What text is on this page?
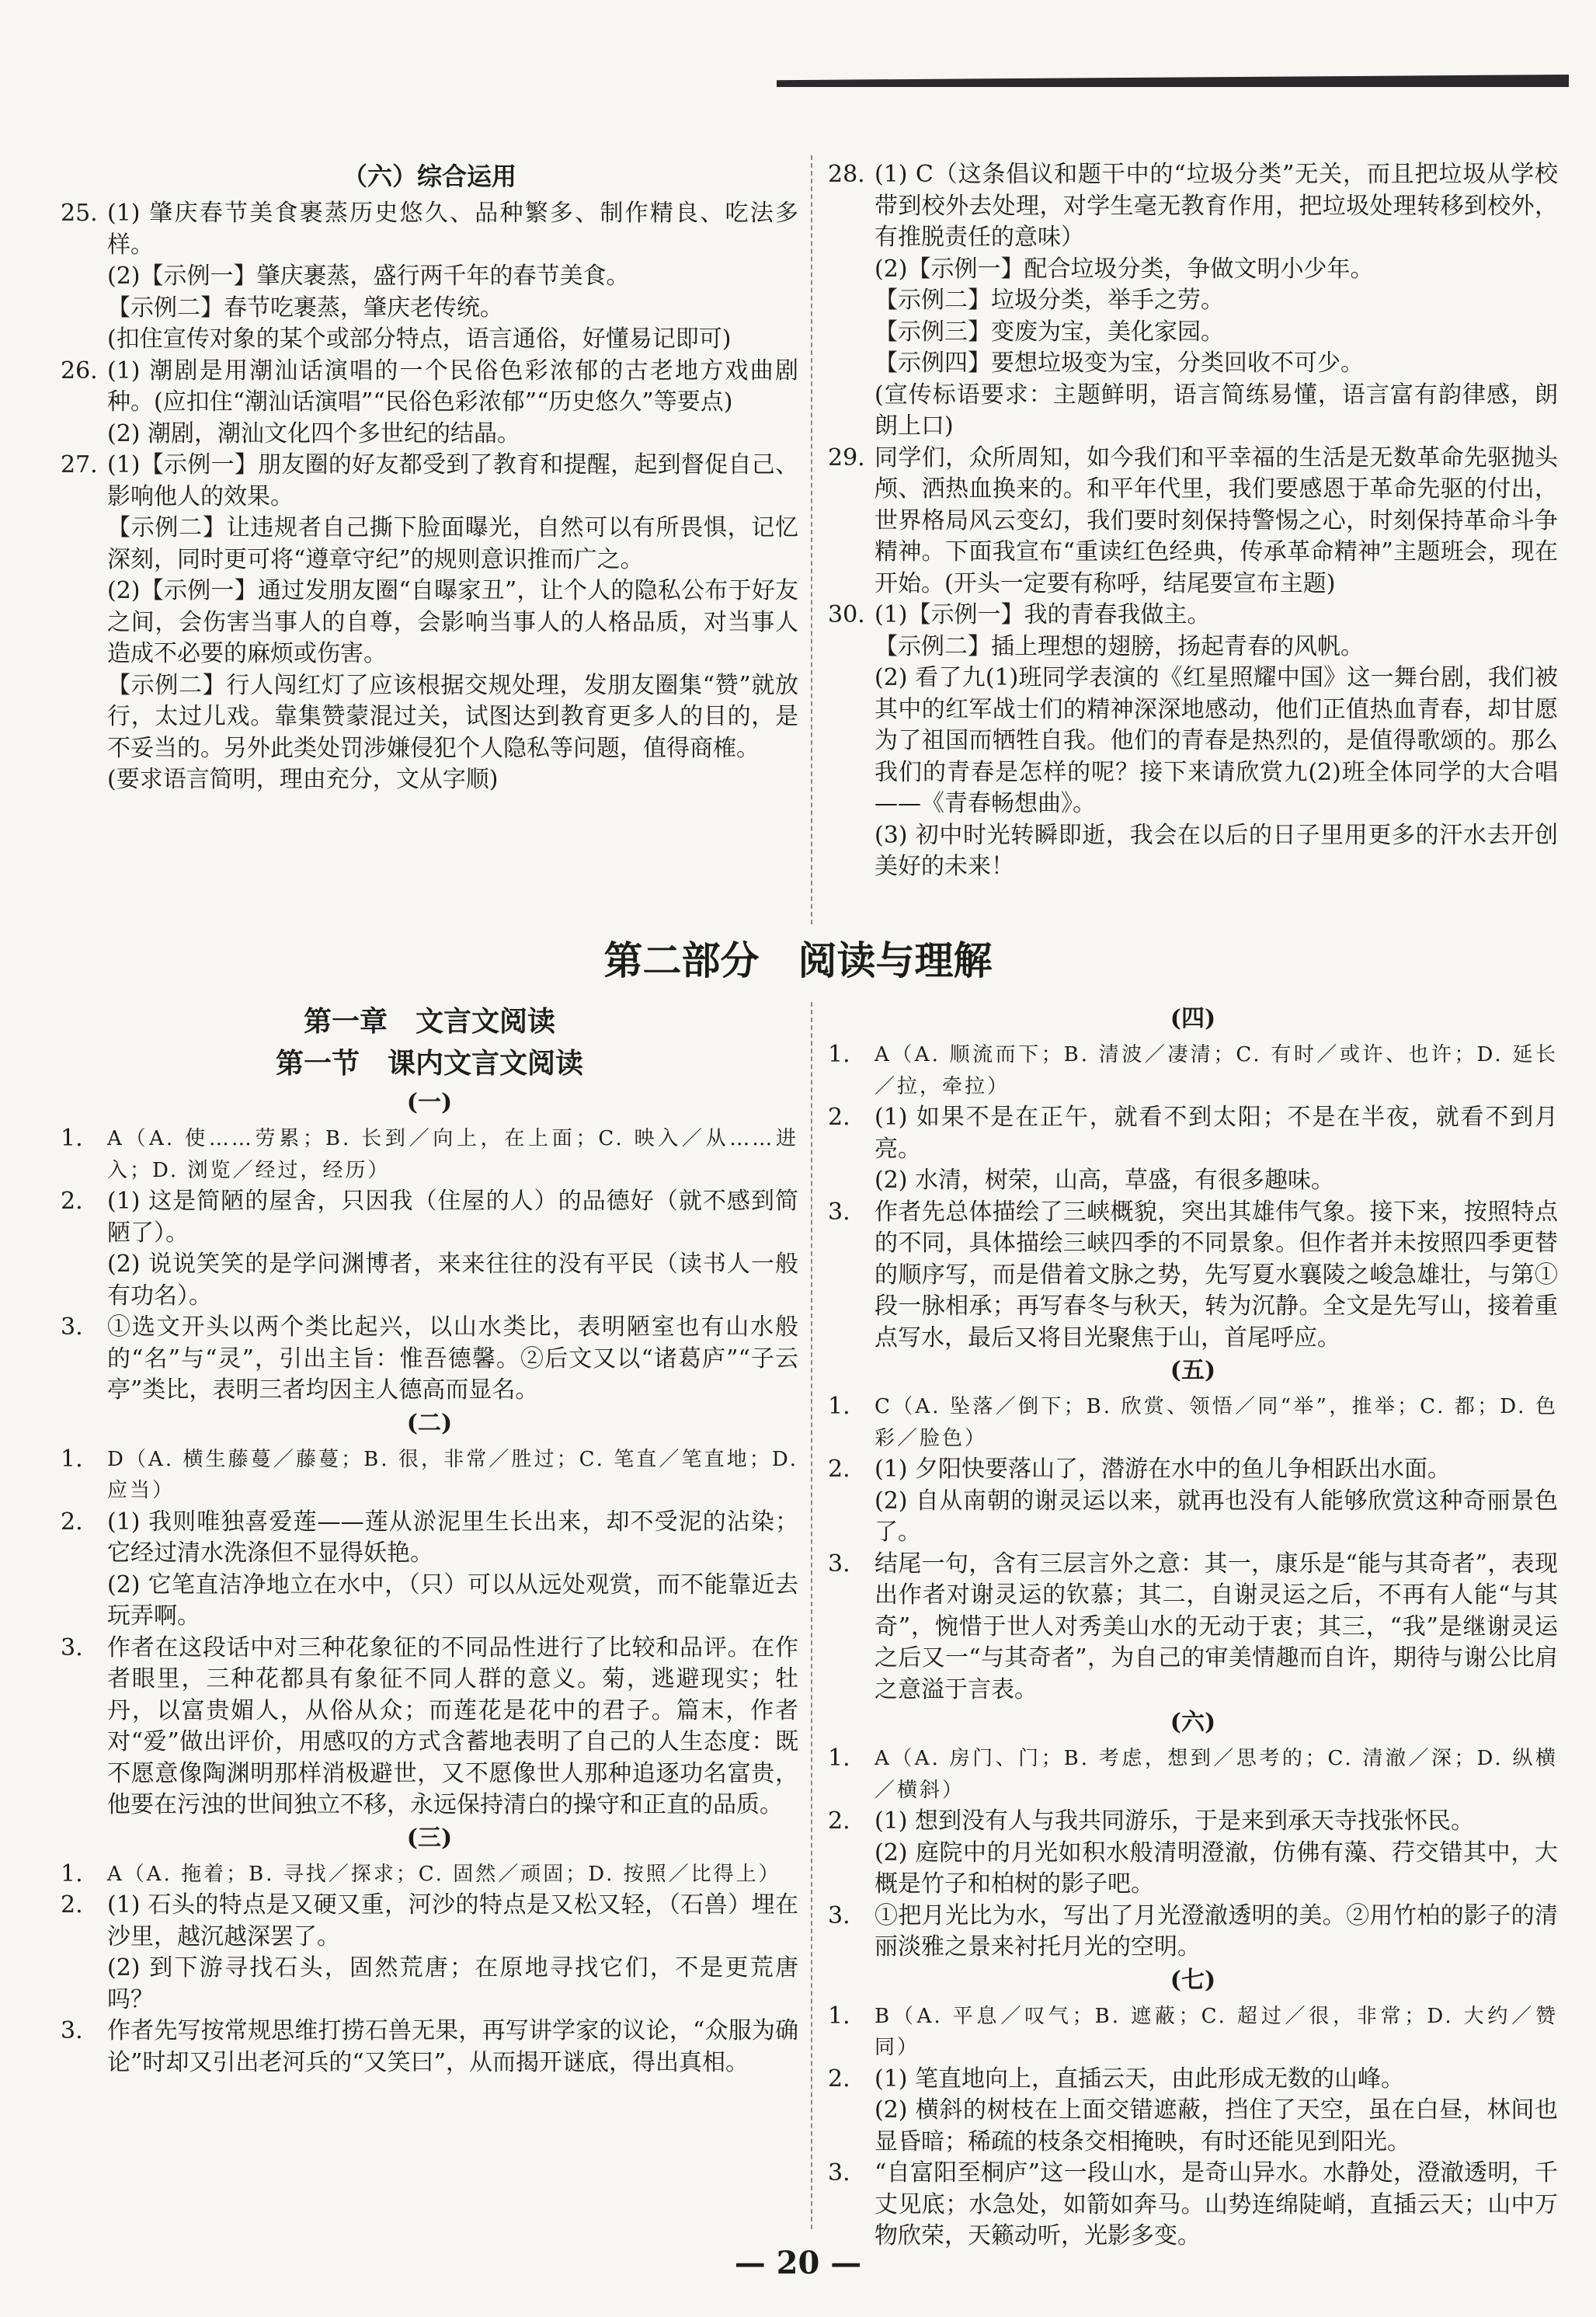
（六）综合运用
25. (1) 肇庆春节美食裹蒸历史悠久、品种繁多、制作精良、吃法多样。
(2)【示例一】肇庆裹蒸，盛行两千年的春节美食。
【示例二】春节吃裹蒸，肇庆老传统。
(扣住宣传对象的某个或部分特点，语言通俗，好懂易记即可)
26. (1) 潮剧是用潮汕话演唱的一个民俗色彩浓郁的古老地方戏曲剧种。(应扣住“潮汕话演唱”“民俗色彩浓郁”“历史悠久”等要点)
(2) 潮剧，潮汕文化四个多世纪的结晶。
27. (1)【示例一】朋友圈的好友都受到了教育和提醒，起到督促自己、影响他人的效果。
【示例二】让违规者自己撕下脸面曝光，自然可以有所畏惧，记忆深刻，同时更可将“遵章守纪”的规则意识推而广之。
(2)【示例一】通过发朋友圈“自曝家丑”，让个人的隐私公布于好友之间，会伤害当事人的自尊，会影响当事人的人格品质，对当事人造成不必要的麻烦或伤害。
【示例二】行人闯红灯了应该根据交规处理，发朋友圈集“赞”就放行，太过儿戏。靠集赞蒙混过关，试图达到教育更多人的目的，是不妥当的。另外此类处罚涉嫌侵犯个人隐私等问题，值得商榷。
(要求语言简明，理由充分，文从字顺)
28. (1) C（这条倡议和题干中的“垃圾分类”无关，而且把垃圾从学校带到校外去处理，对学生毫无教育作用，把垃圾处理转移到校外，有推脱责任的意味）
(2)【示例一】配合垃圾分类，争做文明小少年。
【示例二】垃圾分类，举手之劳。
【示例三】变废为宝，美化家园。
【示例四】要想垃圾变为宝，分类回收不可少。
(宣传标语要求：主题鲜明，语言简练易懂，语言富有韵律感，朗朗上口)
29. 同学们，众所周知，如今我们和平幸福的生活是无数革命先驱抛头颅、洒热血换来的。和平年代里，我们要感恩于革命先驱的付出，世界格局风云变幻，我们要时刻保持警惕之心，时刻保持革命斗争精神。下面我宣布“重读红色经典，传承革命精神”主题班会，现在开始。(开头一定要有称呼，结尾要宣布主题)
30. (1)【示例一】我的青春我做主。
【示例二】插上理想的翅膀，扬起青春的风帆。
(2) 看了九(1)班同学表演的《红星照耀中国》这一舞台剧，我们被其中的红军战士们的精神深深地感动，他们正值热血青春，却甘愿为了祖国而牺牲自我。他们的青春是热烈的，是值得歌颂的。那么我们的青春是怎样的呢？接下来请欣赏九(2)班全体同学的大合唱——《青春畅想曲》。
(3) 初中时光转瞬即逝，我会在以后的日子里用更多的汗水去开创美好的未来！
第二部分　阅读与理解
第一章　文言文阅读
第一节　课内文言文阅读
(一)
1. A（A. 使……劳累；B. 长到／向上，在上面；C. 映入／从……进入；D. 浏览／经过，经历）
2. (1) 这是简陋的屋舍，只因我（住屋的人）的品德好（就不感到简陋了）。
(2) 说说笑笑的是学问渊博者，来来往往的没有平民（读书人一般有功名）。
3. ①选文开头以两个类比起兴，以山水类比，表明陋室也有山水般的“名”与“灵”，引出主旨：惟吾德馨。②后文又以“诸葛庐”“子云亭”类比，表明三者均因主人德高而显名。
(二)
1. D（A. 横生藤蔓／藤蔓；B. 很，非常／胜过；C. 笔直／笔直地；D. 应当）
2. (1) 我则唯独喜爱莲——莲从淤泥里生长出来，却不受泥的沾染；它经过清水洗涤但不显得妖艳。
(2) 它笔直洁净地立在水中，（只）可以从远处观赏，而不能靠近去玩弄啊。
3. 作者在这段话中对三种花象征的不同品性进行了比较和品评。在作者眼里，三种花都具有象征不同人群的意义。菊，逃避现实；牡丹，以富贵媚人，从俗从众；而莲花是花中的君子。篇末，作者对“爱”做出评价，用感叹的方式含蓄地表明了自己的人生态度：既不愿意像陶渊明那样消极避世，又不愿像世人那种追逐功名富贵，他要在污浊的世间独立不移，永远保持清白的操守和正直的品质。
(三)
1. A（A. 拖着；B. 寻找／探求；C. 固然／顽固；D. 按照／比得上）
2. (1) 石头的特点是又硬又重，河沙的特点是又松又轻，（石兽）埋在沙里，越沉越深罢了。
(2) 到下游寻找石头，固然荒唐；在原地寻找它们，不是更荒唐吗？
3. 作者先写按常规思维打捞石兽无果，再写讲学家的议论，“众服为确论”时却又引出老河兵的“又笑曰”，从而揭开谜底，得出真相。
(四)
1. A（A. 顺流而下；B. 清波／凄清；C. 有时／或许、也许；D. 延长／拉，牵拉）
2. (1) 如果不是在正午，就看不到太阳；不是在半夜，就看不到月亮。
(2) 水清，树荣，山高，草盛，有很多趣味。
3. 作者先总体描绘了三峡概貌，突出其雄伟气象。接下来，按照特点的不同，具体描绘三峡四季的不同景象。但作者并未按照四季更替的顺序写，而是借着文脉之势，先写夏水襄陵之峻急雄壮，与第①段一脉相承；再写春冬与秋天，转为沉静。全文是先写山，接着重点写水，最后又将目光聚焦于山，首尾呼应。
(五)
1. C（A. 坠落／倒下；B. 欣赏、领悟／同“举”，推举；C. 都；D. 色彩／脸色）
2. (1) 夕阳快要落山了，潜游在水中的鱼儿争相跃出水面。
(2) 自从南朝的谢灵运以来，就再也没有人能够欣赏这种奇丽景色了。
3. 结尾一句，含有三层言外之意：其一，康乐是“能与其奇者”，表现出作者对谢灵运的钦慕；其二，自谢灵运之后，不再有人能“与其奇”，惋惜于世人对秀美山水的无动于衷；其三，“我”是继谢灵运之后又一“与其奇者”，为自己的审美情趣而自许，期待与谢公比肩之意溢于言表。
(六)
1. A（A. 房门、门；B. 考虑，想到／思考的；C. 清澈／深；D. 纵横／横斜）
2. (1) 想到没有人与我共同游乐，于是来到承天寺找张怀民。
(2) 庭院中的月光如积水般清明澄澈，仿佛有藻、荇交错其中，大概是竹子和柏树的影子吧。
3. ①把月光比为水，写出了月光澄澈透明的美。②用竹柏的影子的清丽淡雅之景来衬托月光的空明。
(七)
1. B（A. 平息／叹气；B. 遮蔽；C. 超过／很，非常；D. 大约／赞同）
2. (1) 笔直地向上，直插云天，由此形成无数的山峰。
(2) 横斜的树枝在上面交错遮蔽，挡住了天空，虽在白昼，林间也显昏暗；稀疏的枝条交相掩映，有时还能见到阳光。
3. “自富阳至桐庐”这一段山水，是奇山异水。水静处，澄澈透明，千丈见底；水急处，如箭如奔马。山势连绵陡峭，直插云天；山中万物欣荣，天籁动听，光影多变。
— 20 —
